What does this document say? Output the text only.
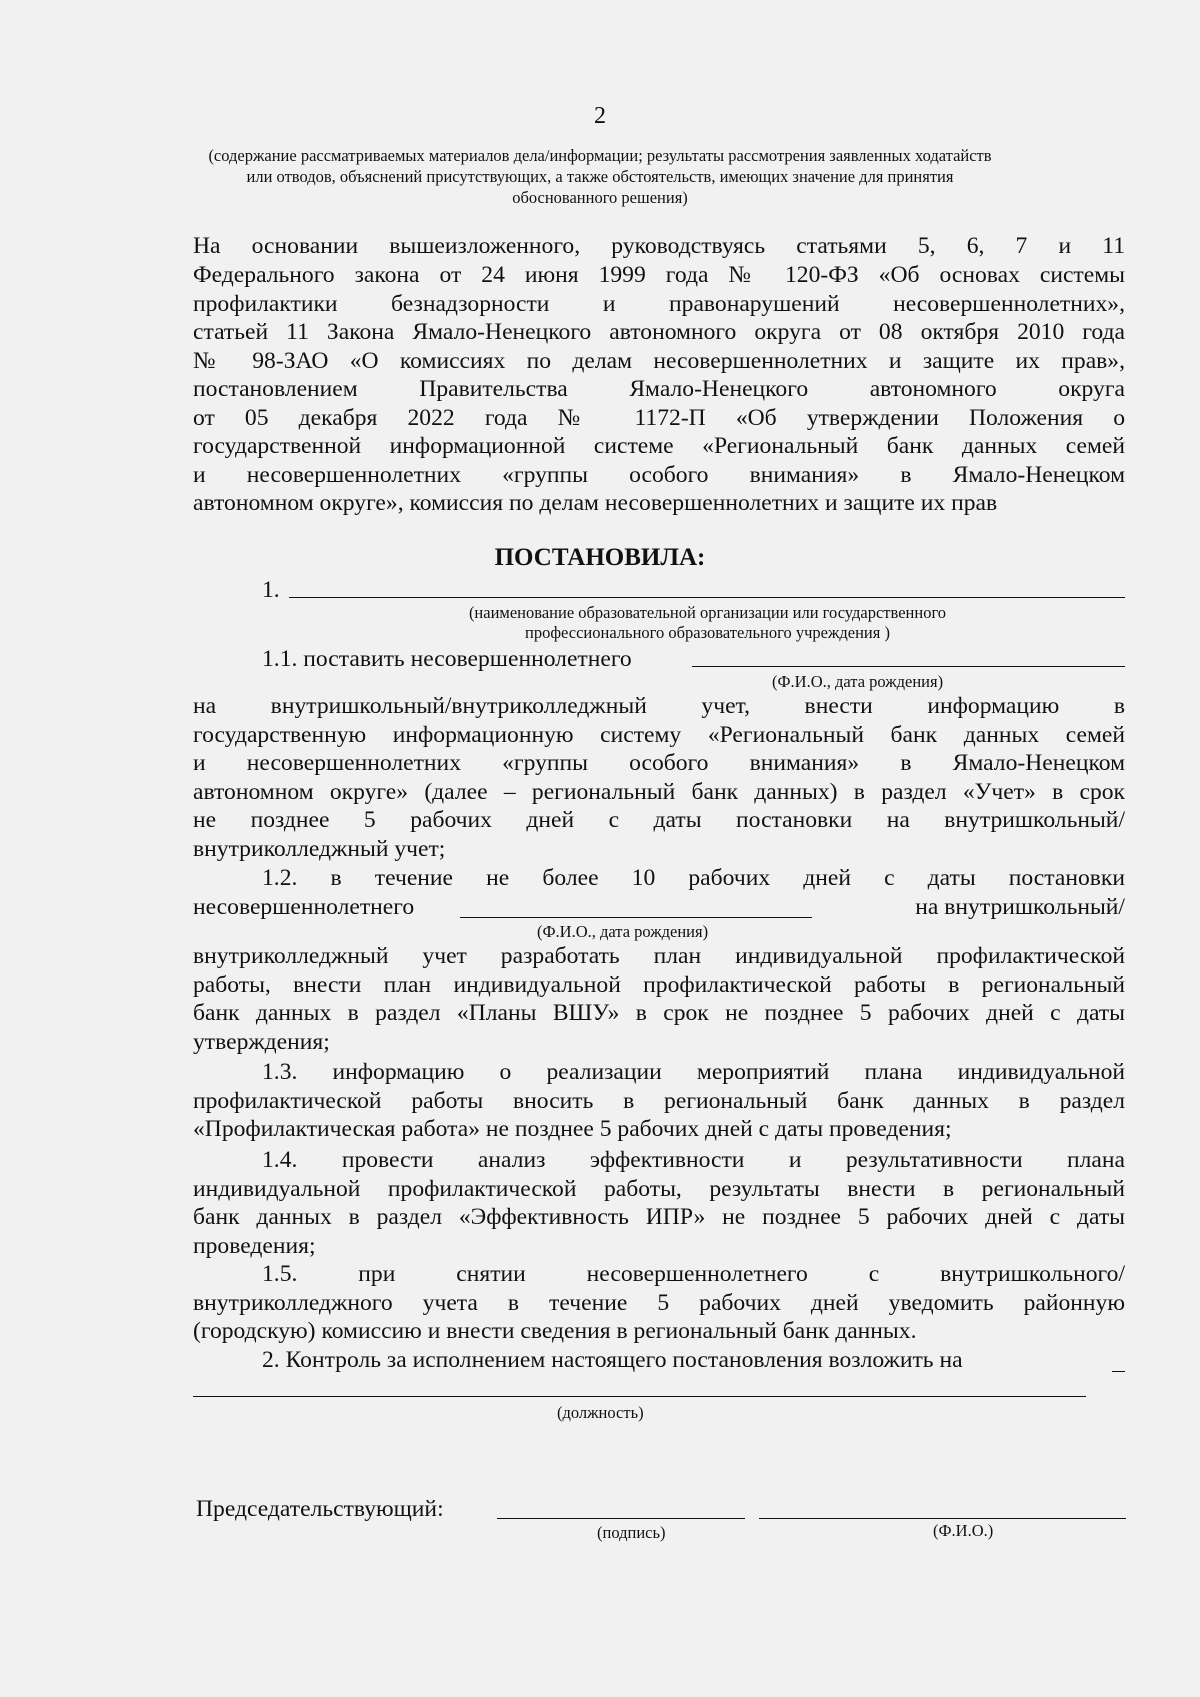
2
(содержание рассматриваемых материалов дела/информации; результаты рассмотрения заявленных ходатайств
или отводов, объяснений присутствующих, а также обстоятельств, имеющих значение для принятия
обоснованного решения)
На основании вышеизложенного, руководствуясь статьями 5, 6, 7 и 11
Федерального закона от 24 июня 1999 года № 120-ФЗ «Об основах системы
профилактики безнадзорности и правонарушений несовершеннолетних»,
статьей 11 Закона Ямало-Ненецкого автономного округа от 08 октября 2010 года
№ 98-ЗАО «О комиссиях по делам несовершеннолетних и защите их прав»,
постановлением Правительства Ямало-Ненецкого автономного округа
от 05 декабря 2022 года № 1172-П «Об утверждении Положения о
государственной информационной системе «Региональный банк данных семей
и несовершеннолетних «группы особого внимания» в Ямало-Ненецком
автономном округе», комиссия по делам несовершеннолетних и защите их прав
ПОСТАНОВИЛА:
1.
(наименование образовательной организации или государственного
профессионального образовательного учреждения )
1.1. поставить несовершеннолетнего
(Ф.И.О., дата рождения)
на внутришкольный/внутриколледжный учет, внести информацию в
государственную информационную систему «Региональный банк данных семей
и несовершеннолетних «группы особого внимания» в Ямало-Ненецком
автономном округе» (далее – региональный банк данных) в раздел «Учет» в срок
не позднее 5 рабочих дней с даты постановки на внутришкольный/
внутриколледжный учет;
1.2. в течение не более 10 рабочих дней с даты постановки
несовершеннолетнего	на внутришкольный/
(Ф.И.О., дата рождения)
внутриколледжный учет разработать план индивидуальной профилактической
работы, внести план индивидуальной профилактической работы в региональный
банк данных в раздел «Планы ВШУ» в срок не позднее 5 рабочих дней с даты
утверждения;
1.3. информацию о реализации мероприятий плана индивидуальной
профилактической работы вносить в региональный банк данных в раздел
«Профилактическая работа» не позднее 5 рабочих дней с даты проведения;
1.4. провести анализ эффективности и результативности плана
индивидуальной профилактической работы, результаты внести в региональный
банк данных в раздел «Эффективность ИПР» не позднее 5 рабочих дней с даты
проведения;
1.5. при снятии несовершеннолетнего с внутришкольного/
внутриколледжного учета в течение 5 рабочих дней уведомить районную
(городскую) комиссию и внести сведения в региональный банк данных.
2. Контроль за исполнением настоящего постановления возложить на
(должность)
Председательствующий:
(подпись)	(Ф.И.О.)
